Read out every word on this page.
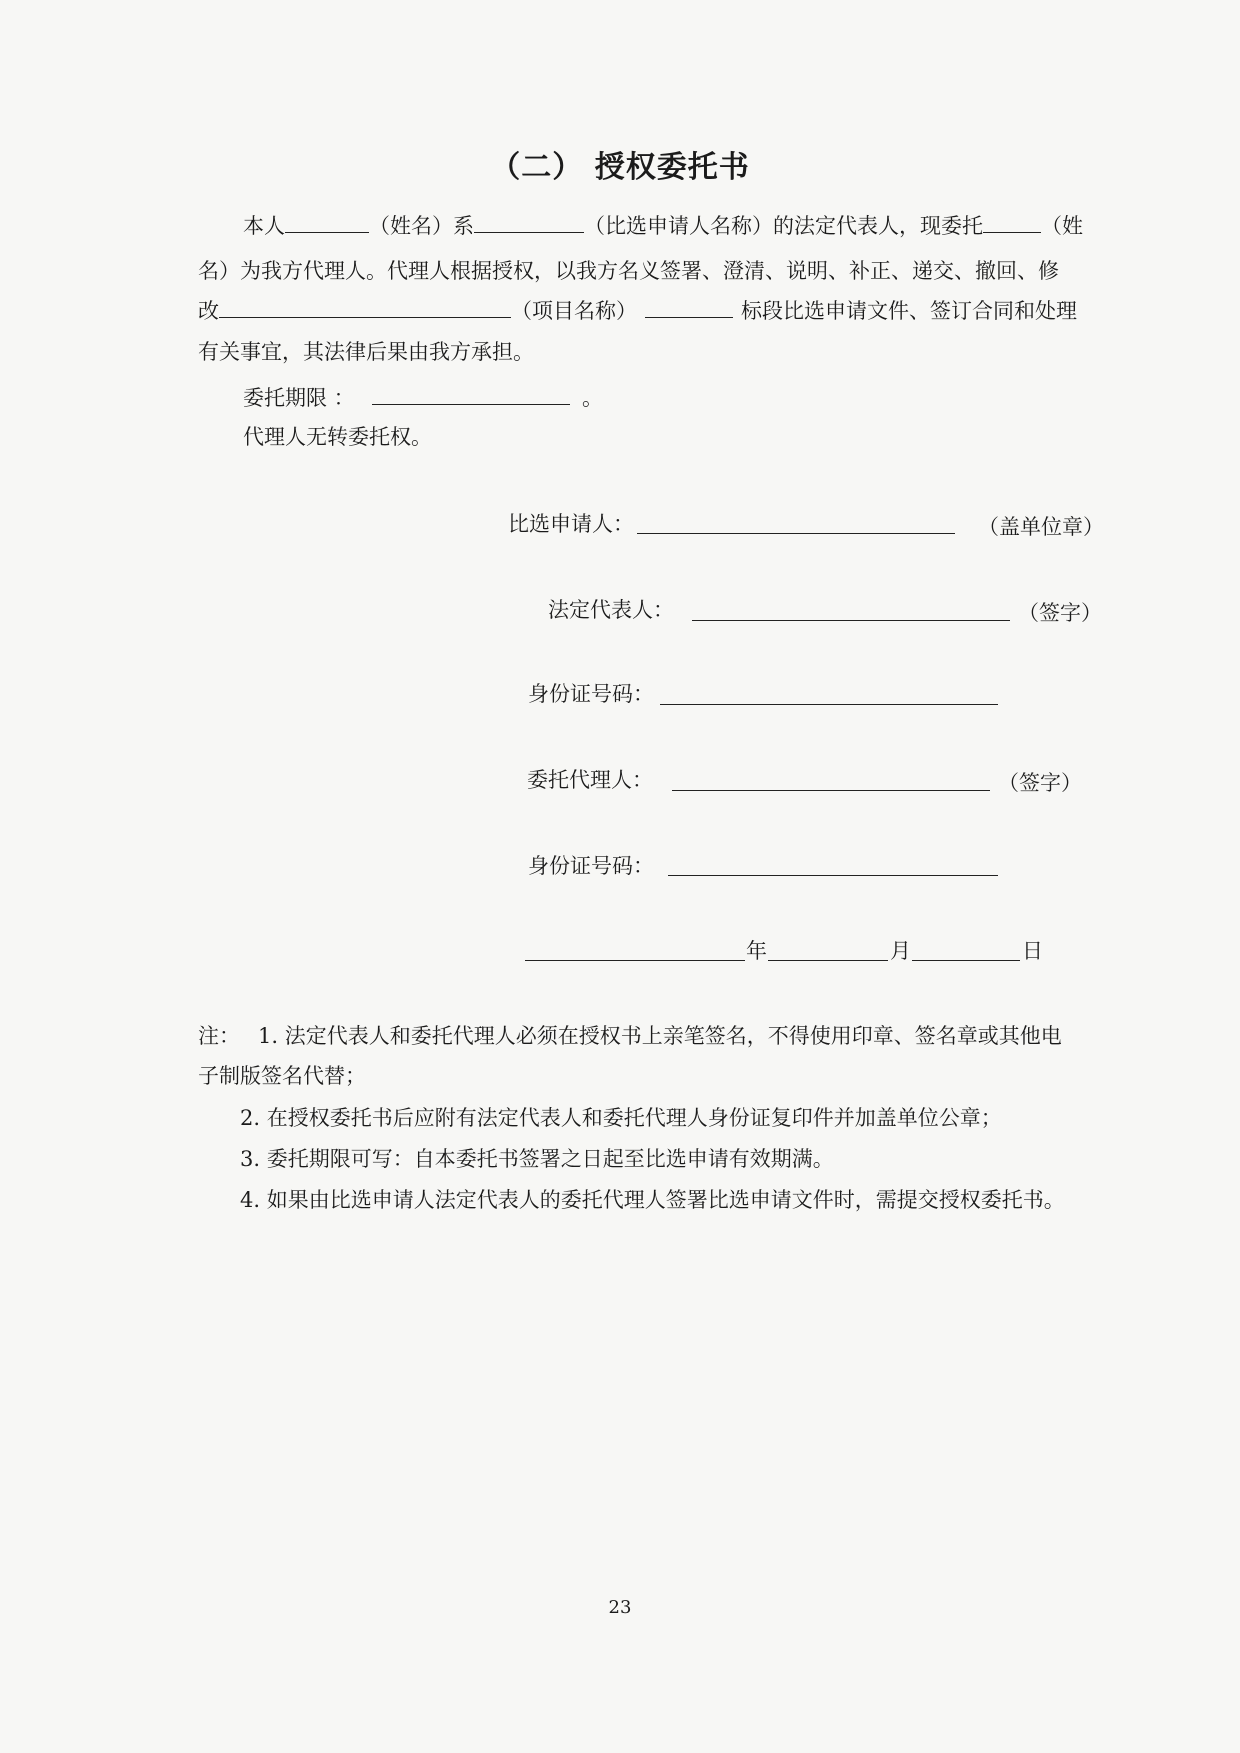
（二） 授权委托书
本人	（姓名）系	（比选申请人名称）的法定代表人，现委托	（姓
名）为我方代理人。代理人根据授权，以我方名义签署、澄清、说明、补正、递交、撤回、修
改	（项目名称）	标段比选申请文件、签订合同和处理
有关事宜，其法律后果由我方承担。
委托期限 ：	。
代理人无转委托权。
比选申请人：	（盖单位章）
法定代表人：	（签字）
身份证号码：
委托代理人：	（签字）
身份证号码：
年	月	日
注： 1. 法定代表人和委托代理人必须在授权书上亲笔签名，不得使用印章、签名章或其他电
子制版签名代替；
2. 在授权委托书后应附有法定代表人和委托代理人身份证复印件并加盖单位公章；
3. 委托期限可写：自本委托书签署之日起至比选申请有效期满。
4. 如果由比选申请人法定代表人的委托代理人签署比选申请文件时，需提交授权委托书。
23
